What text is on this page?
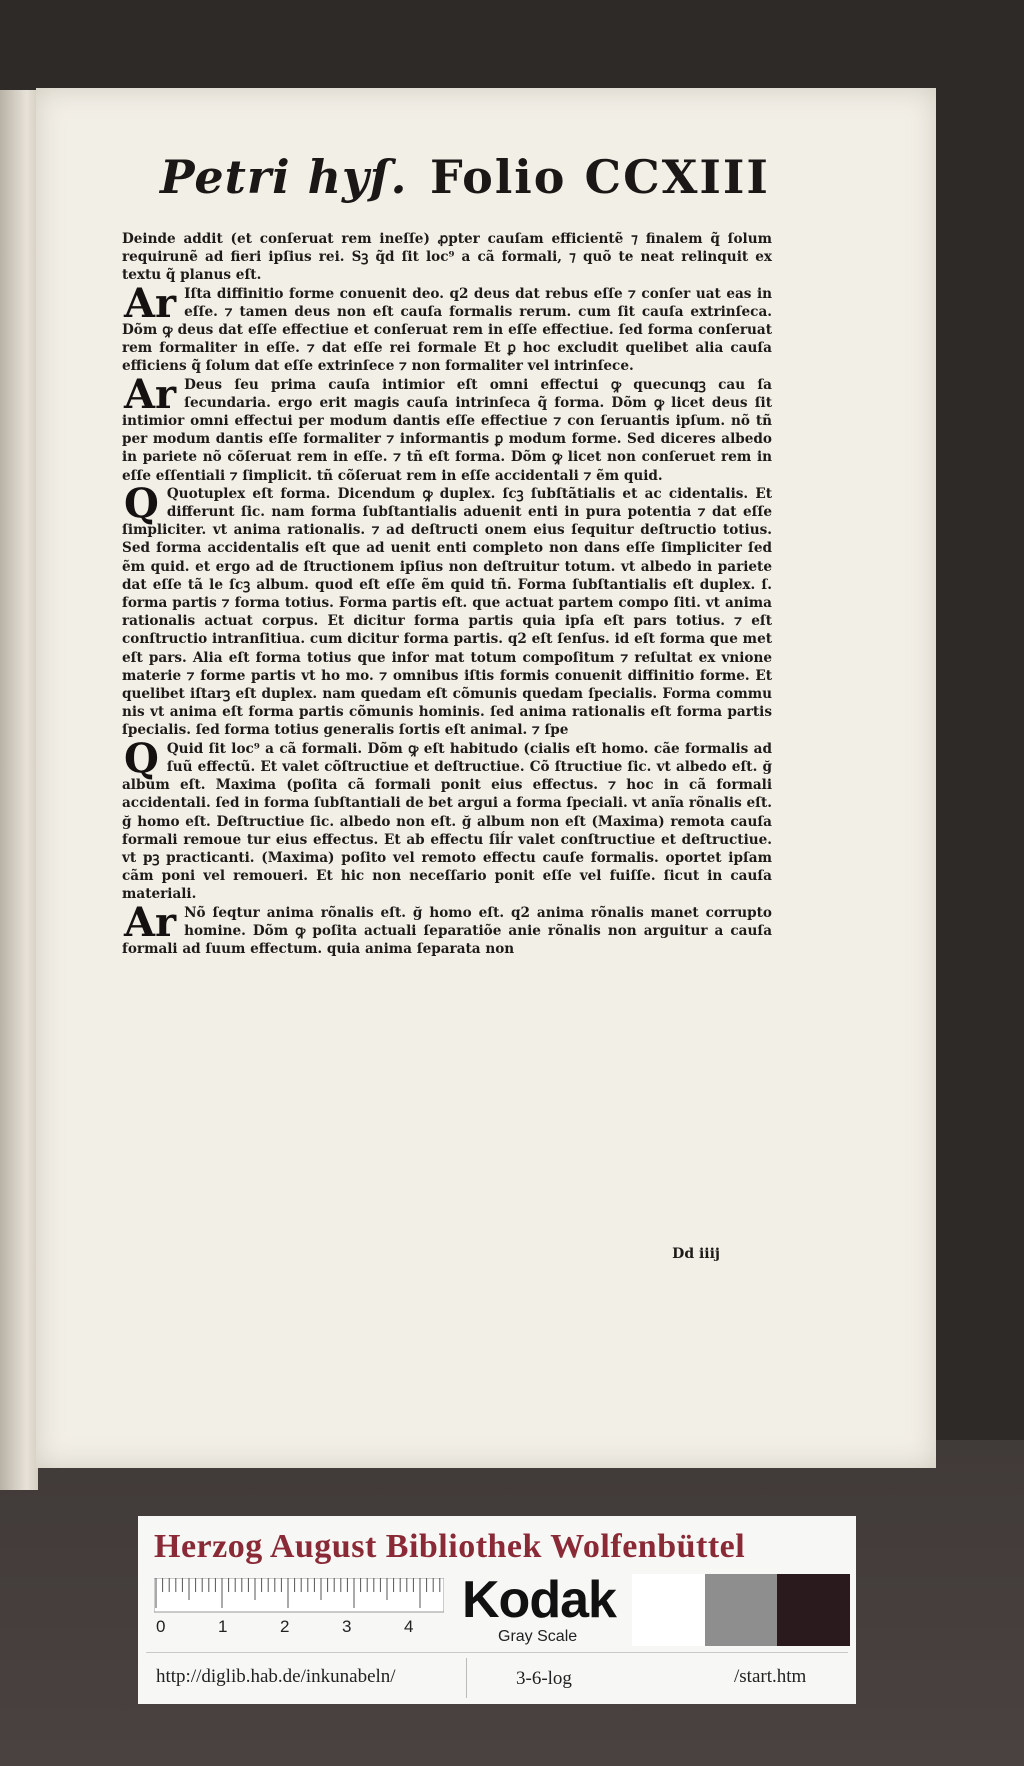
Petri hyſ. Folio CCXIII

Deinde addit (et conſeruat rem ineſſe) ꝓpter cauſam efficientẽ ⁊ finalem q̃ ſolum requirunẽ ad fieri ipſius rei. Sꝫ q̃d ſit loc⁹ a cã formali, ⁊ quõ te neat relinquit ex textu q̃ planus eſt.

Ar Iſta diffinitio forme conuenit deo. q2 deus dat rebus eſſe ⁊ conſer uat eas in eſſe. ⁊ tamen deus non eſt cauſa formalis rerum. cum ſit cauſa extrinſeca. Dõm ꝙ deus dat eſſe effectiue et conſeruat rem in eſſe effectiue. ſed forma conſeruat rem formaliter in eſſe. ⁊ dat eſſe rei formale Et ꝑ hoc excludit quelibet alia cauſa efficiens q̃ ſolum dat eſſe extrinſece ⁊ non formaliter vel intrinſece.

Ar Deus ſeu prima cauſa intimior eſt omni effectui ꝙ quecunqꝫ cau ſa ſecundaria. ergo erit magis cauſa intrinſeca q̃ forma. Dõm ꝙ licet deus ſit intimior omni effectui per modum dantis eſſe effectiue ⁊ con ſeruantis ipſum. nõ tñ per modum dantis eſſe formaliter ⁊ informantis ꝑ modum forme. Sed diceres albedo in pariete nõ cõſeruat rem in eſſe. ⁊ tñ eſt forma. Dõm ꝙ licet non conſeruet rem in eſſe eſſentiali ⁊ ſimplicit. tñ cõſeruat rem in eſſe accidentali ⁊ ẽm quid.

Q Quotuplex eſt forma. Dicendum ꝙ duplex. ſcꝫ ſubſtãtialis et ac cidentalis. Et differunt ſic. nam forma ſubſtantialis aduenit enti in pura potentia ⁊ dat eſſe ſimpliciter. vt anima rationalis. ⁊ ad deſtructi onem eius ſequitur deſtructio totius. Sed forma accidentalis eſt que ad uenit enti completo non dans eſſe ſimpliciter ſed ẽm quid. et ergo ad de ſtructionem ipſius non deſtruitur totum. vt albedo in pariete dat eſſe tã le ſcꝫ album. quod eſt eſſe ẽm quid tñ. Forma ſubſtantialis eſt duplex. ſ. forma partis ⁊ forma totius. Forma partis eſt. que actuat partem compo ſiti. vt anima rationalis actuat corpus. Et dicitur forma partis quia ipſa eſt pars totius. ⁊ eſt conſtructio intranſitiua. cum dicitur forma partis. q2 eſt ſenſus. id eſt forma que met eſt pars. Alia eſt forma totius que infor mat totum compoſitum ⁊ reſultat ex vnione materie ⁊ forme partis vt ho mo. ⁊ omnibus iſtis formis conuenit diffinitio forme. Et quelibet iſtarꝫ eſt duplex. nam quedam eſt cõmunis quedam ſpecialis. Forma commu nis vt anima eſt forma partis cõmunis hominis. ſed anima rationalis eſt forma partis ſpecialis. ſed forma totius generalis ſortis eſt animal. ⁊ ſpe

Q Quid ſit loc⁹ a cã formali. Dõm ꝙ eſt habitudo (cialis eſt homo. cãe formalis ad ſuũ effectũ. Et valet cõſtructiue et deſtructiue. Cõ ſtructiue ſic. vt albedo eſt. ğ album eſt. Maxima (poſita cã formali ponit eius effectus. ⁊ hoc in cã formali accidentali. ſed in forma ſubſtantiali de bet argui a forma ſpeciali. vt anĩa rõnalis eſt. ğ homo eſt. Deſtructiue ſic. albedo non eſt. ğ album non eſt (Maxima) remota cauſa formali remoue tur eius effectus. Et ab effectu ſiĺr valet conſtructiue et deſtructiue. vt pꝫ practicanti. (Maxima) poſito vel remoto effectu cauſe formalis. oportet ipſam cãm poni vel remoueri. Et hic non neceſſario ponit eſſe vel fuiſſe. ſicut in cauſa materiali.

Ar Nõ ſeqtur anima rõnalis eſt. ğ homo eſt. q2 anima rõnalis manet corrupto homine. Dõm ꝙ poſita actuali ſeparatiõe anie rõnalis non arguitur a cauſa formali ad ſuum effectum. quia anima ſeparata non

Dd iiij
Herzog August Bibliothek Wolfenbüttel
0	1	2	3	4 Kodak
Gray Scale
http://diglib.hab.de/inkunabeln/	3-6-log	/start.htm
